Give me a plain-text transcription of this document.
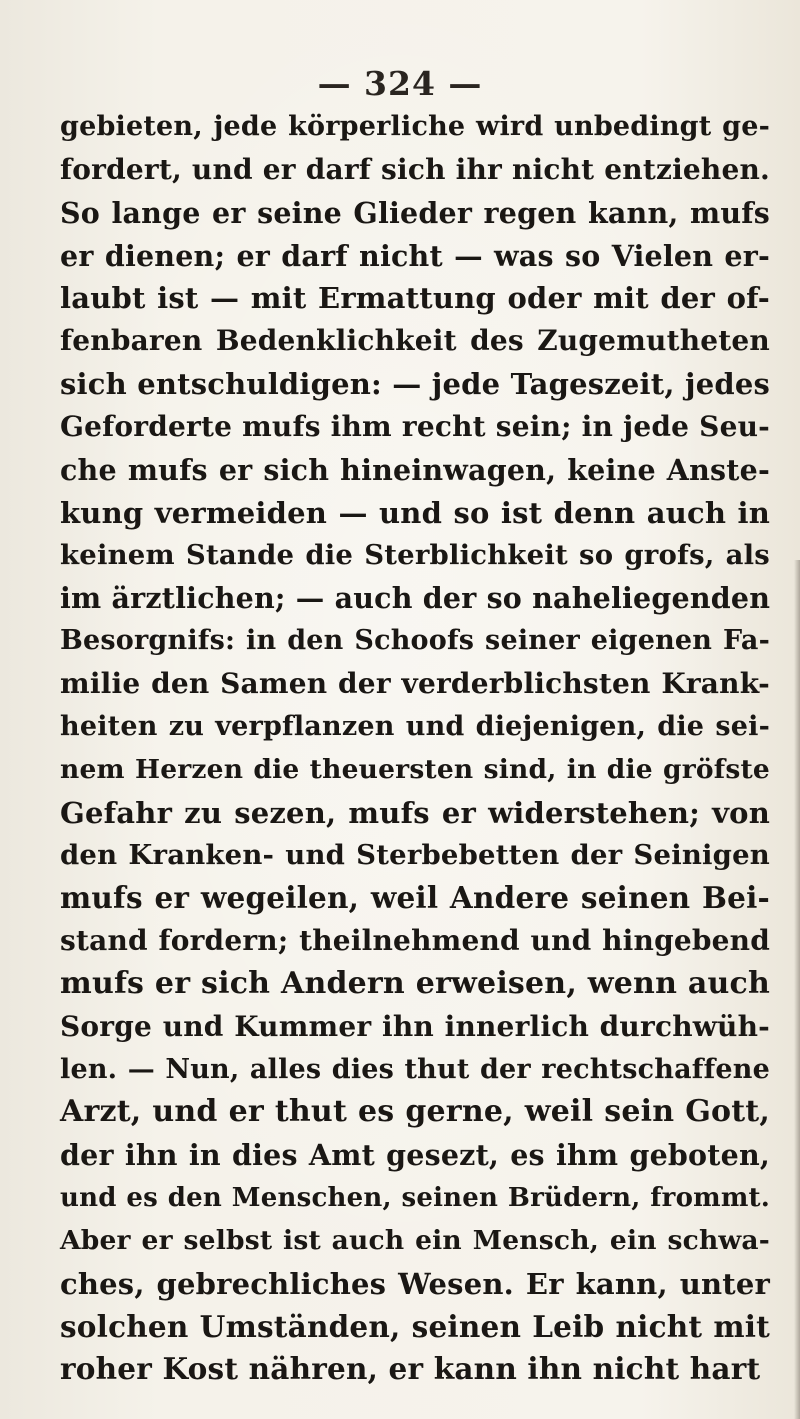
— 324 —
gebieten, jede körperliche wird unbedingt ge-
fordert, und er darf sich ihr nicht entziehen.
So lange er seine Glieder regen kann, mufs
er dienen; er darf nicht — was so Vielen er-
laubt ist — mit Ermattung oder mit der of-
fenbaren Bedenklichkeit des Zugemutheten
sich entschuldigen: — jede Tageszeit, jedes
Geforderte mufs ihm recht sein; in jede Seu-
che mufs er sich hineinwagen, keine Anste-
kung vermeiden — und so ist denn auch in
keinem Stande die Sterblichkeit so grofs, als
im ärztlichen; — auch der so naheliegenden
Besorgnifs: in den Schoofs seiner eigenen Fa-
milie den Samen der verderblichsten Krank-
heiten zu verpflanzen und diejenigen, die sei-
nem Herzen die theuersten sind, in die gröfste
Gefahr zu sezen, mufs er widerstehen; von
den Kranken- und Sterbebetten der Seinigen
mufs er wegeilen, weil Andere seinen Bei-
stand fordern; theilnehmend und hingebend
mufs er sich Andern erweisen, wenn auch
Sorge und Kummer ihn innerlich durchwüh-
len. — Nun, alles dies thut der rechtschaffene
Arzt, und er thut es gerne, weil sein Gott,
der ihn in dies Amt gesezt, es ihm geboten,
und es den Menschen, seinen Brüdern, frommt.
Aber er selbst ist auch ein Mensch, ein schwa-
ches, gebrechliches Wesen. Er kann, unter
solchen Umständen, seinen Leib nicht mit
roher Kost nähren, er kann ihn nicht hart
